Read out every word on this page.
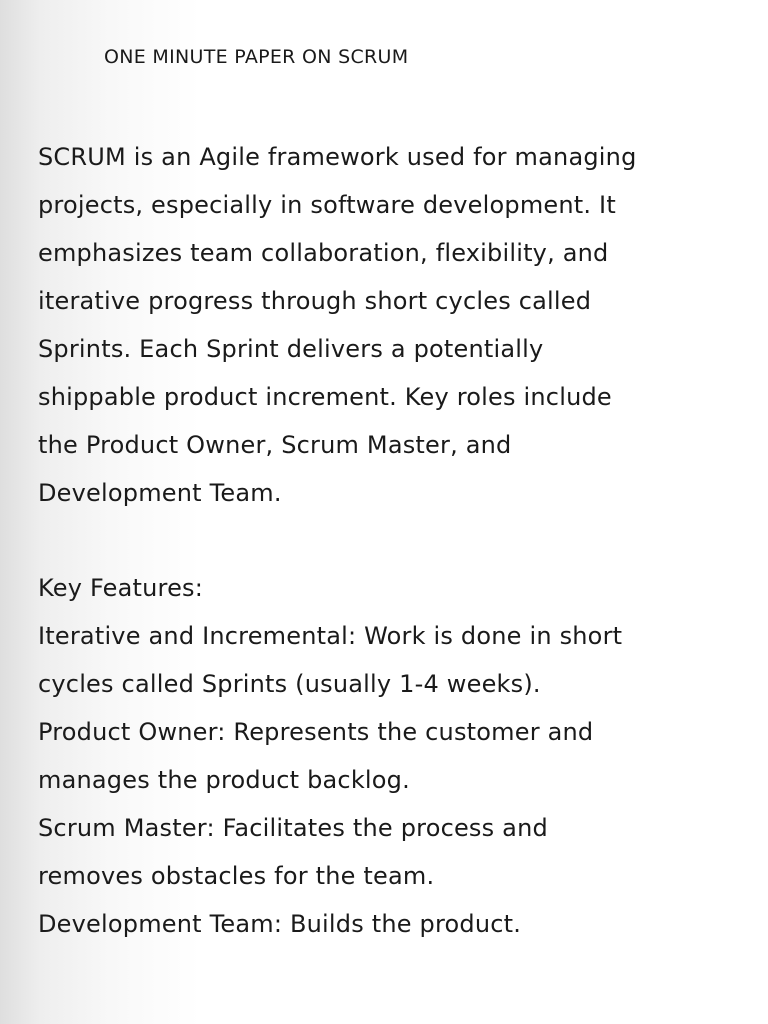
ONE MINUTE PAPER ON SCRUM
SCRUM is an Agile framework used for managing
projects, especially in software development. It
emphasizes team collaboration, flexibility, and
iterative progress through short cycles called
Sprints. Each Sprint delivers a potentially
shippable product increment. Key roles include
the Product Owner, Scrum Master, and
Development Team.
Key Features:
Iterative and Incremental: Work is done in short
cycles called Sprints (usually 1-4 weeks).
Product Owner: Represents the customer and
manages the product backlog.
Scrum Master: Facilitates the process and
removes obstacles for the team.
Development Team: Builds the product.
